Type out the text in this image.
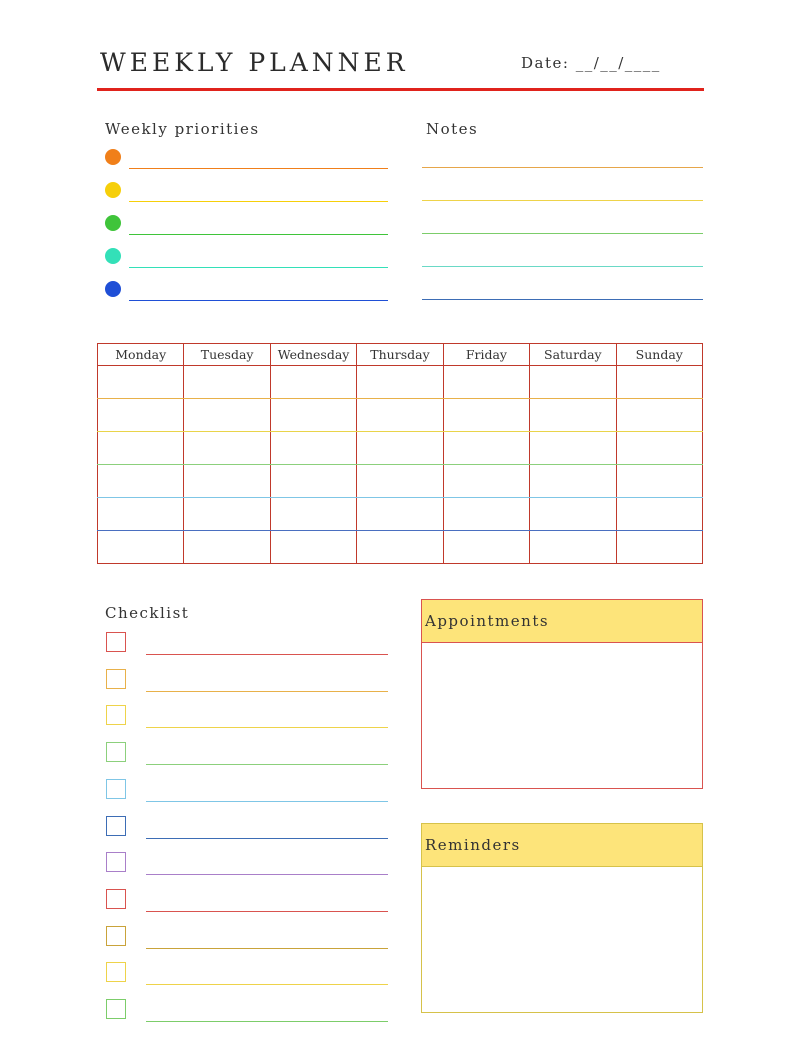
WEEKLY PLANNER	Date: __/__/____
Weekly priorities	Notes
Monday	Tuesday	Wednesday	Thursday	Friday	Saturday	Sunday

Checklist	Appointments
Reminders
